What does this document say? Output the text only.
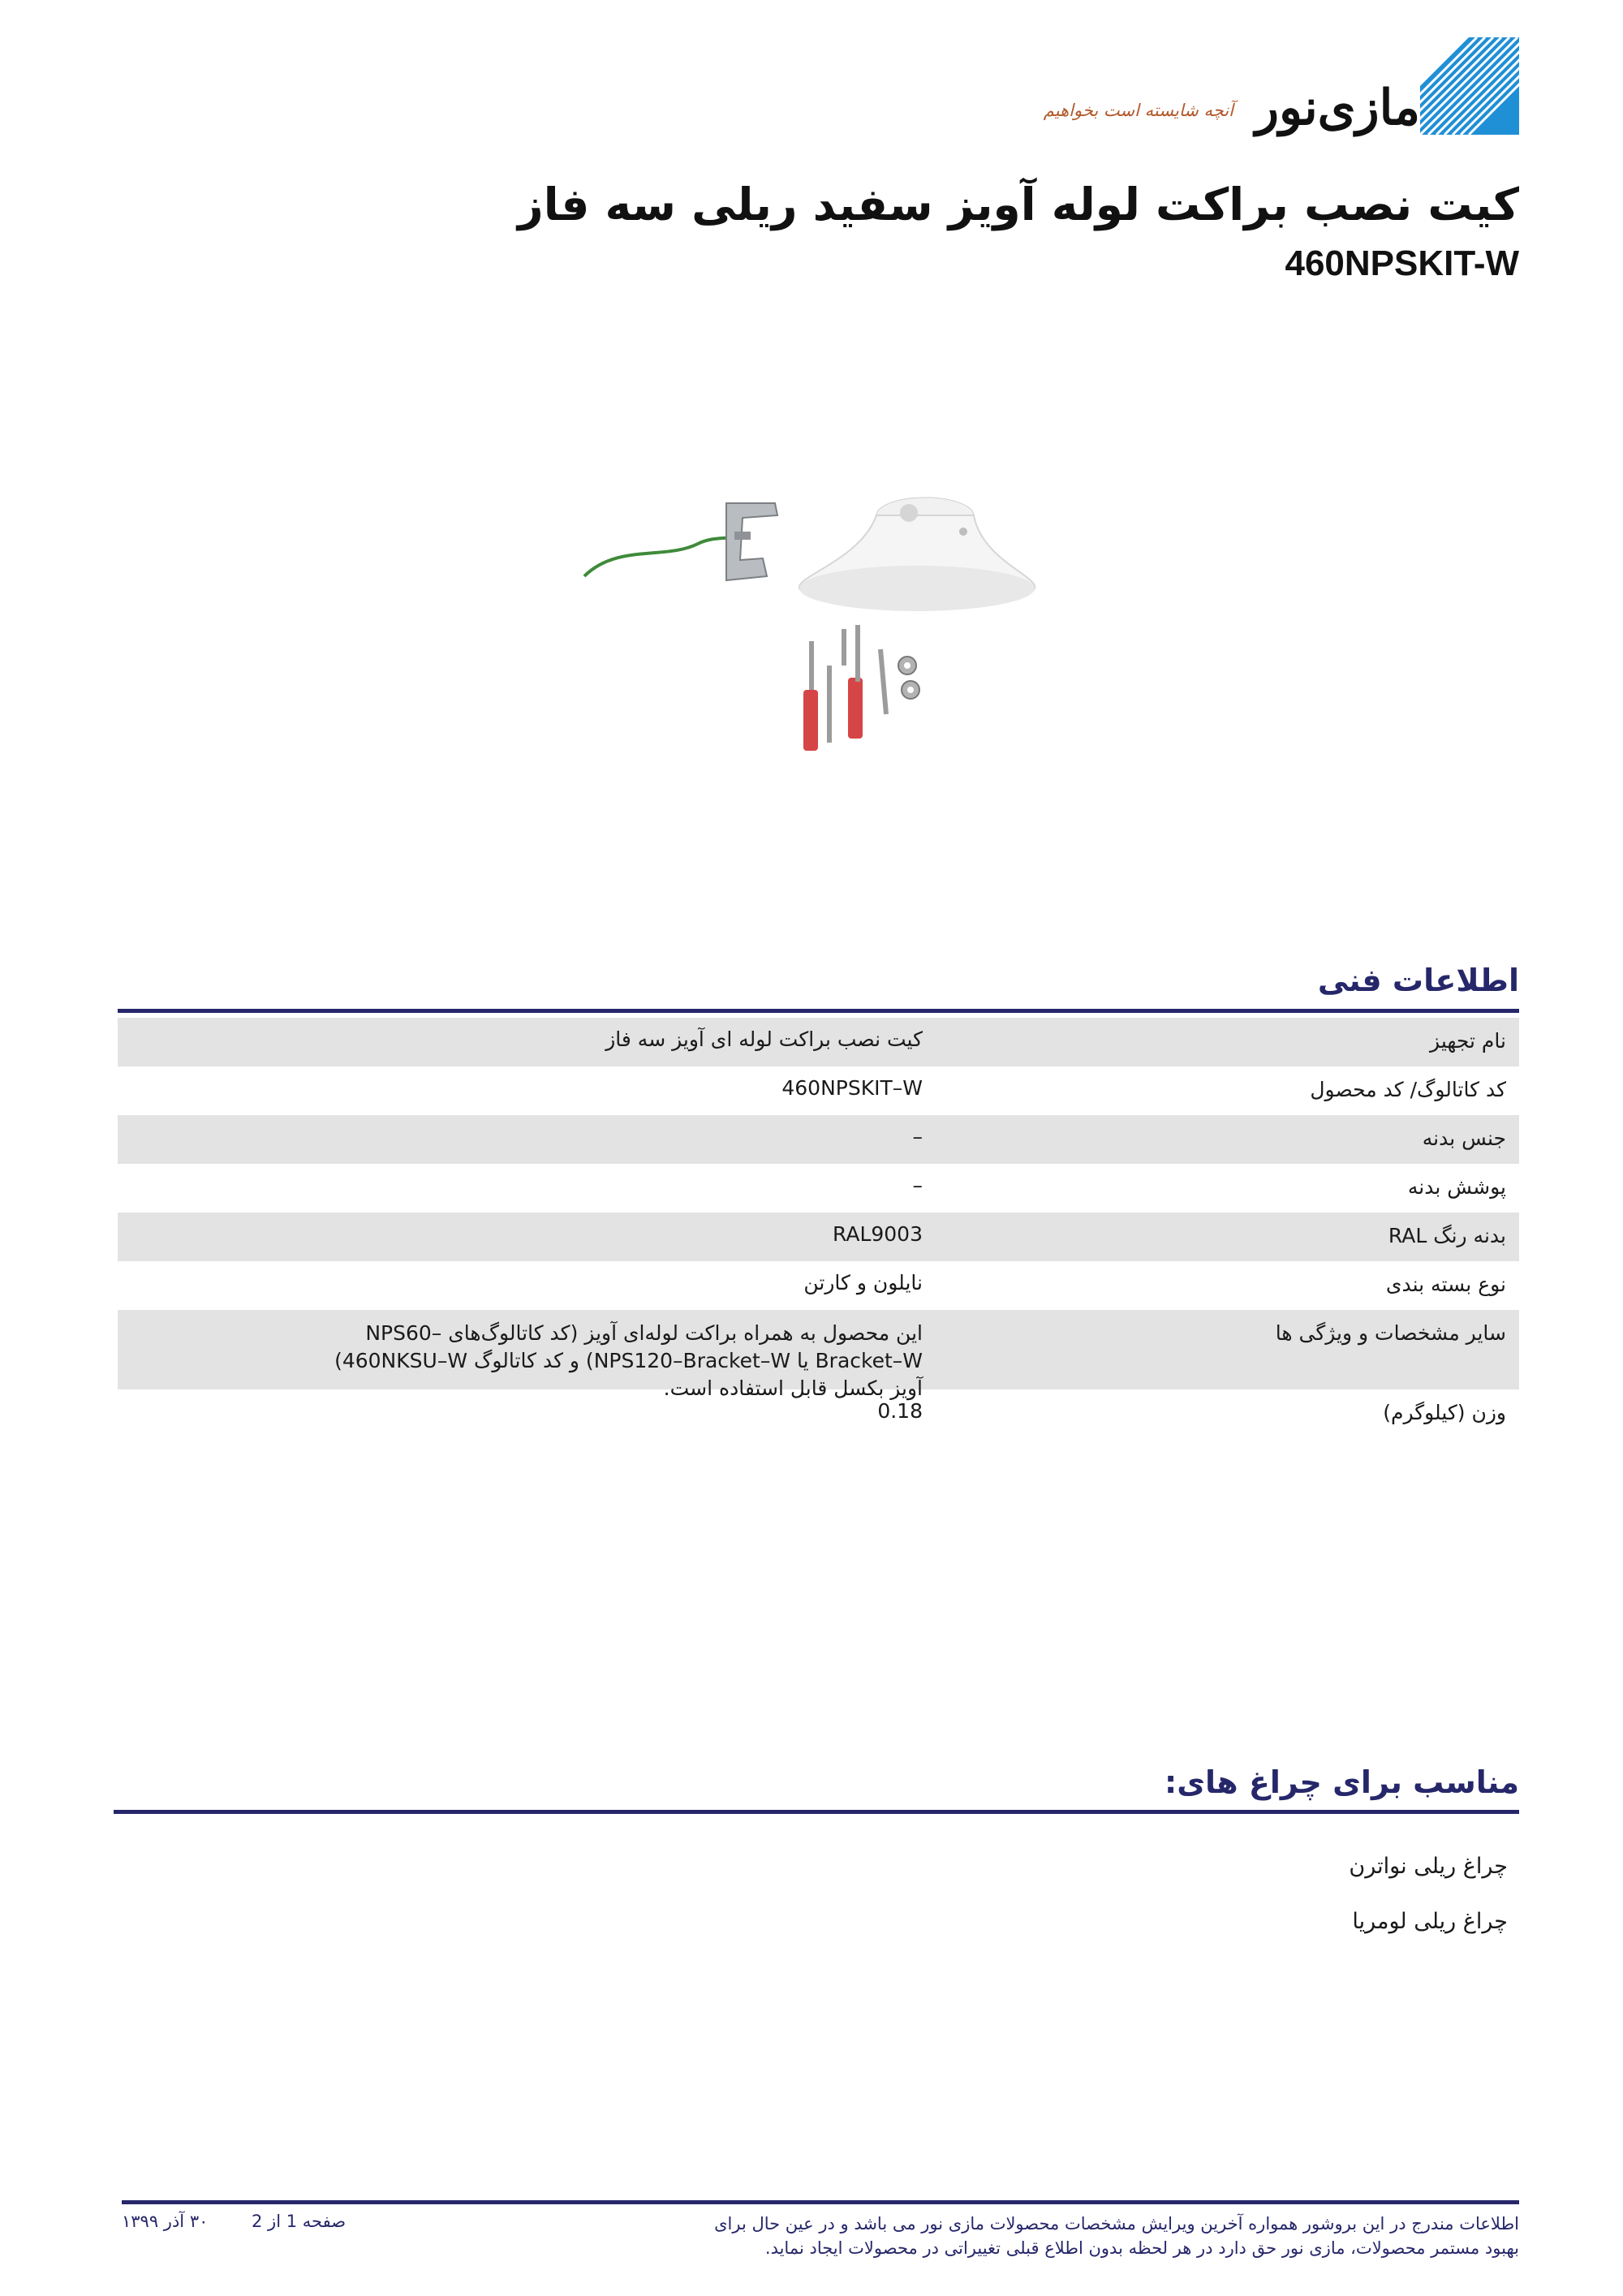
مازی‌نور
آنچه شایسته است بخواهیم
کیت نصب براکت لوله آویز سفید ریلی سه فاز
460NPSKIT-W
اطلاعات فنی
نام تجهیز
کیت نصب براکت لوله ای آویز سه فاز
کد کاتالوگ/ کد محصول
460NPSKIT–W
جنس بدنه
–
پوشش بدنه
–
بدنه رنگ RAL
RAL9003
نوع بسته بندی
نایلون و کارتن
سایر مشخصات و ویژگی ها
این محصول به همراه براکت لوله‌ای آویز (کد کاتالوگ‌های NPS60–Bracket–W یا NPS120–Bracket–W) و کد کاتالوگ 460NKSU–W) آویز بکسل قابل استفاده است.
وزن (کیلوگرم)
0.18
مناسب برای چراغ های:
چراغ ریلی نواترن
چراغ ریلی لومریا
اطلاعات مندرج در این بروشور همواره آخرین ویرایش مشخصات محصولات مازی نور می باشد و در عین حال برای بهبود مستمر محصولات، مازی نور حق دارد در هر لحظه بدون اطلاع قبلی تغییراتی در محصولات ایجاد نماید.
صفحه 1 از 2
۳۰ آذر ۱۳۹۹
